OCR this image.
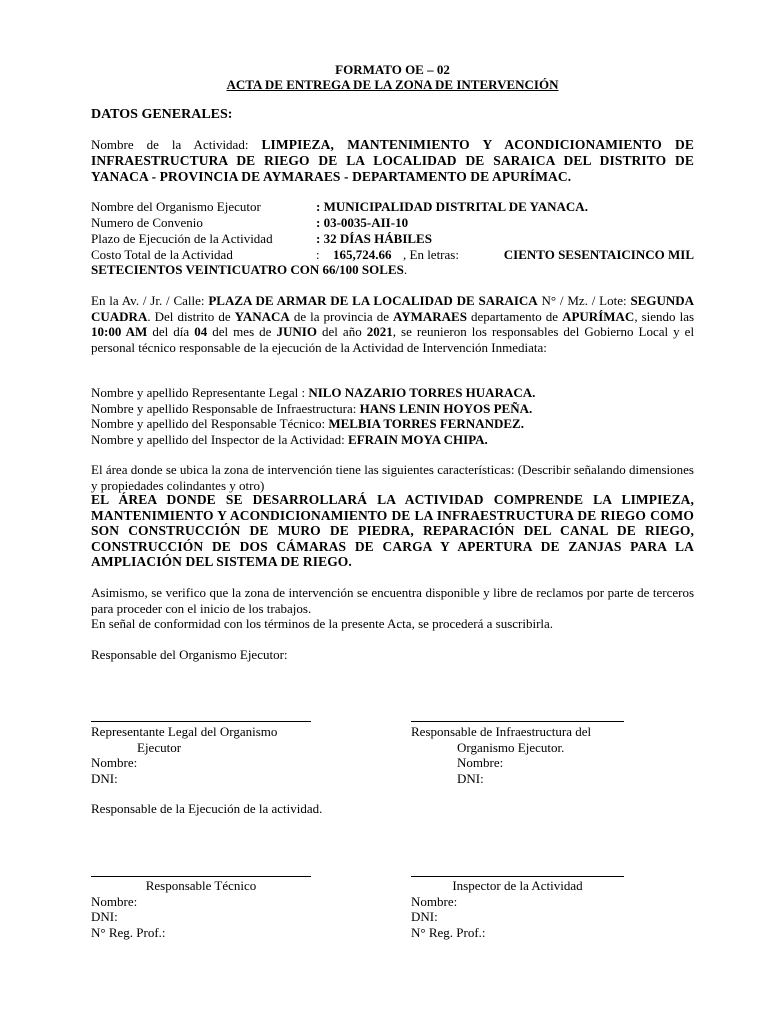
FORMATO OE – 02
ACTA DE ENTREGA DE LA ZONA DE INTERVENCIÓN
DATOS GENERALES:
Nombre de la Actividad: LIMPIEZA, MANTENIMIENTO Y ACONDICIONAMIENTO DE INFRAESTRUCTURA DE RIEGO DE LA LOCALIDAD DE SARAICA DEL DISTRITO DE YANACA - PROVINCIA DE AYMARAES - DEPARTAMENTO DE APURÍMAC.
Nombre del Organismo Ejecutor	: MUNICIPALIDAD DISTRITAL DE YANACA.
Numero de Convenio	: 03-0035-AII-10
Plazo de Ejecución de la Actividad	: 32 DÍAS HÁBILES
Costo Total de la Actividad	: 165,724.66 , En letras:	CIENTO SESENTAICINCO MIL
SETECIENTOS VEINTICUATRO CON 66/100 SOLES.
En la Av. / Jr. / Calle: PLAZA DE ARMAR DE LA LOCALIDAD DE SARAICA N° / Mz. / Lote: SEGUNDA CUADRA. Del distrito de YANACA de la provincia de AYMARAES departamento de APURÍMAC, siendo las 10:00 AM del día 04 del mes de JUNIO del año 2021, se reunieron los responsables del Gobierno Local y el personal técnico responsable de la ejecución de la Actividad de Intervención Inmediata:
Nombre y apellido Representante Legal : NILO NAZARIO TORRES HUARACA.
Nombre y apellido Responsable de Infraestructura: HANS LENIN HOYOS PEÑA.
Nombre y apellido del Responsable Técnico: MELBIA TORRES FERNANDEZ.
Nombre y apellido del Inspector de la Actividad: EFRAIN MOYA CHIPA.
El área donde se ubica la zona de intervención tiene las siguientes características: (Describir señalando dimensiones y propiedades colindantes y otro)
EL ÁREA DONDE SE DESARROLLARÁ LA ACTIVIDAD COMPRENDE LA LIMPIEZA, MANTENIMIENTO Y ACONDICIONAMIENTO DE LA INFRAESTRUCTURA DE RIEGO COMO SON CONSTRUCCIÓN DE MURO DE PIEDRA, REPARACIÓN DEL CANAL DE RIEGO, CONSTRUCCIÓN DE DOS CÁMARAS DE CARGA Y APERTURA DE ZANJAS PARA LA AMPLIACIÓN DEL SISTEMA DE RIEGO.
Asimismo, se verifico que la zona de intervención se encuentra disponible y libre de reclamos por parte de terceros para proceder con el inicio de los trabajos.
En señal de conformidad con los términos de la presente Acta, se procederá a suscribirla.
Responsable del Organismo Ejecutor:
Representante Legal del Organismo
Ejecutor
Nombre:
DNI:
Responsable de Infraestructura del
Organismo Ejecutor.
Nombre:
DNI:
Responsable de la Ejecución de la actividad.
Responsable Técnico
Nombre:
DNI:
N° Reg. Prof.:
Inspector de la Actividad
Nombre:
DNI:
N° Reg. Prof.:
